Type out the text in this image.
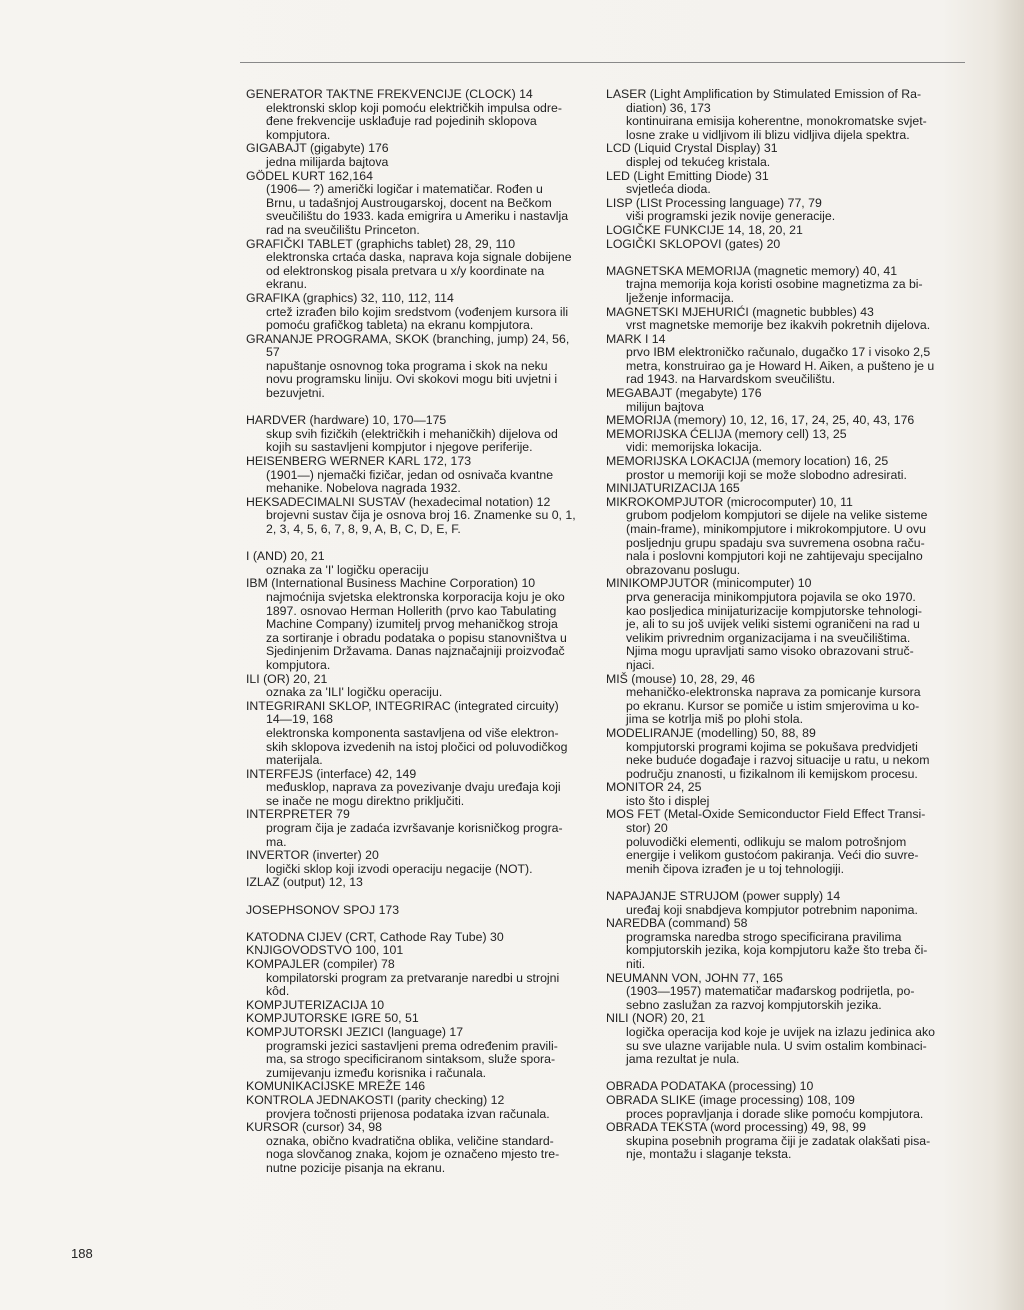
GENERATOR TAKTNE FREKVENCIJE (CLOCK) 14
elektronski sklop koji pomoću električkih impulsa odre-
đene frekvencije usklađuje rad pojedinih sklopova
kompjutora.
GIGABAJT (gigabyte) 176
jedna milijarda bajtova
GÖDEL KURT 162,164
(1906— ?) američki logičar i matematičar. Rođen u
Brnu, u tadašnjoj Austrougarskoj, docent na Bečkom
sveučilištu do 1933. kada emigrira u Ameriku i nastavlja
rad na sveučilištu Princeton.
GRAFIČKI TABLET (graphichs tablet) 28, 29, 110
elektronska crtaća daska, naprava koja signale dobijene
od elektronskog pisala pretvara u x/y koordinate na
ekranu.
GRAFIKA (graphics) 32, 110, 112, 114
crtež izrađen bilo kojim sredstvom (vođenjem kursora ili
pomoću grafičkog tableta) na ekranu kompjutora.
GRANANJE PROGRAMA, SKOK (branching, jump) 24, 56,
57
napuštanje osnovnog toka programa i skok na neku
novu programsku liniju. Ovi skokovi mogu biti uvjetni i
bezuvjetni.
HARDVER (hardware) 10, 170—175
skup svih fizičkih (električkih i mehaničkih) dijelova od
kojih su sastavljeni kompjutor i njegove periferije.
HEISENBERG WERNER KARL 172, 173
(1901—) njemački fizičar, jedan od osnivača kvantne
mehanike. Nobelova nagrada 1932.
HEKSADECIMALNI SUSTAV (hexadecimal notation) 12
brojevni sustav čija je osnova broj 16. Znamenke su 0, 1,
2, 3, 4, 5, 6, 7, 8, 9, A, B, C, D, E, F.
I (AND) 20, 21
oznaka za 'I' logičku operaciju
IBM (International Business Machine Corporation) 10
najmoćnija svjetska elektronska korporacija koju je oko
1897. osnovao Herman Hollerith (prvo kao Tabulating
Machine Company) izumitelj prvog mehaničkog stroja
za sortiranje i obradu podataka o popisu stanovništva u
Sjedinjenim Državama. Danas najznačajniji proizvođač
kompjutora.
ILI (OR) 20, 21
oznaka za 'ILI' logičku operaciju.
INTEGRIRANI SKLOP, INTEGRIRAC (integrated circuity)
14—19, 168
elektronska komponenta sastavljena od više elektron-
skih sklopova izvedenih na istoj pločici od poluvodičkog
materijala.
INTERFEJS (interface) 42, 149
međusklop, naprava za povezivanje dvaju uređaja koji
se inače ne mogu direktno priključiti.
INTERPRETER 79
program čija je zadaća izvršavanje korisničkog progra-
ma.
INVERTOR (inverter) 20
logički sklop koji izvodi operaciju negacije (NOT).
IZLAZ (output) 12, 13
JOSEPHSONOV SPOJ 173
KATODNA CIJEV (CRT, Cathode Ray Tube) 30
KNJIGOVODSTVO 100, 101
KOMPAJLER (compiler) 78
kompilatorski program za pretvaranje naredbi u strojni
kôd.
KOMPJUTERIZACIJA 10
KOMPJUTORSKE IGRE 50, 51
KOMPJUTORSKI JEZICI (language) 17
programski jezici sastavljeni prema određenim pravili-
ma, sa strogo specificiranom sintaksom, služe spora-
zumijevanju između korisnika i računala.
KOMUNIKACIJSKE MREŽE 146
KONTROLA JEDNAKOSTI (parity checking) 12
provjera točnosti prijenosa podataka izvan računala.
KURSOR (cursor) 34, 98
oznaka, obično kvadratična oblika, veličine standard-
noga slovčanog znaka, kojom je označeno mjesto tre-
nutne pozicije pisanja na ekranu.
LASER (Light Amplification by Stimulated Emission of Ra-
diation) 36, 173
kontinuirana emisija koherentne, monokromatske svjet-
losne zrake u vidljivom ili blizu vidljiva dijela spektra.
LCD (Liquid Crystal Display) 31
displej od tekućeg kristala.
LED (Light Emitting Diode) 31
svjetleća dioda.
LISP (LISt Processing language) 77, 79
viši programski jezik novije generacije.
LOGIČKE FUNKCIJE 14, 18, 20, 21
LOGIČKI SKLOPOVI (gates) 20
MAGNETSKA MEMORIJA (magnetic memory) 40, 41
trajna memorija koja koristi osobine magnetizma za bi-
lježenje informacija.
MAGNETSKI MJEHURIĆI (magnetic bubbles) 43
vrst magnetske memorije bez ikakvih pokretnih dijelova.
MARK I 14
prvo IBM elektroničko računalo, dugačko 17 i visoko 2,5
metra, konstruirao ga je Howard H. Aiken, a pušteno je u
rad 1943. na Harvardskom sveučilištu.
MEGABAJT (megabyte) 176
milijun bajtova
MEMORIJA (memory) 10, 12, 16, 17, 24, 25, 40, 43, 176
MEMORIJSKA ĆELIJA (memory cell) 13, 25
vidi: memorijska lokacija.
MEMORIJSKA LOKACIJA (memory location) 16, 25
prostor u memoriji koji se može slobodno adresirati.
MINIJATURIZACIJA 165
MIKROKOMPJUTOR (microcomputer) 10, 11
grubom podjelom kompjutori se dijele na velike sisteme
(main-frame), minikompjutore i mikrokompjutore. U ovu
posljednju grupu spadaju sva suvremena osobna raču-
nala i poslovni kompjutori koji ne zahtijevaju specijalno
obrazovanu poslugu.
MINIKOMPJUTOR (minicomputer) 10
prva generacija minikompjutora pojavila se oko 1970.
kao posljedica minijaturizacije kompjutorske tehnologi-
je, ali to su još uvijek veliki sistemi ograničeni na rad u
velikim privrednim organizacijama i na sveučilištima.
Njima mogu upravljati samo visoko obrazovani struč-
njaci.
MIŠ (mouse) 10, 28, 29, 46
mehaničko-elektronska naprava za pomicanje kursora
po ekranu. Kursor se pomiče u istim smjerovima u ko-
jima se kotrlja miš po plohi stola.
MODELIRANJE (modelling) 50, 88, 89
kompjutorski programi kojima se pokušava predvidjeti
neke buduće događaje i razvoj situacije u ratu, u nekom
području znanosti, u fizikalnom ili kemijskom procesu.
MONITOR 24, 25
isto što i displej
MOS FET (Metal-Oxide Semiconductor Field Effect Transi-
stor) 20
poluvodički elementi, odlikuju se malom potrošnjom
energije i velikom gustoćom pakiranja. Veći dio suvre-
menih čipova izrađen je u toj tehnologiji.
NAPAJANJE STRUJOM (power supply) 14
uređaj koji snabdjeva kompjutor potrebnim naponima.
NAREDBA (command) 58
programska naredba strogo specificirana pravilima
kompjutorskih jezika, koja kompjutoru kaže što treba či-
niti.
NEUMANN VON, JOHN 77, 165
(1903—1957) matematičar mađarskog podrijetla, po-
sebno zaslužan za razvoj kompjutorskih jezika.
NILI (NOR) 20, 21
logička operacija kod koje je uvijek na izlazu jedinica ako
su sve ulazne varijable nula. U svim ostalim kombinaci-
jama rezultat je nula.
OBRADA PODATAKA (processing) 10
OBRADA SLIKE (image processing) 108, 109
proces popravljanja i dorade slike pomoću kompjutora.
OBRADA TEKSTA (word processing) 49, 98, 99
skupina posebnih programa čiji je zadatak olakšati pisa-
nje, montažu i slaganje teksta.
188
